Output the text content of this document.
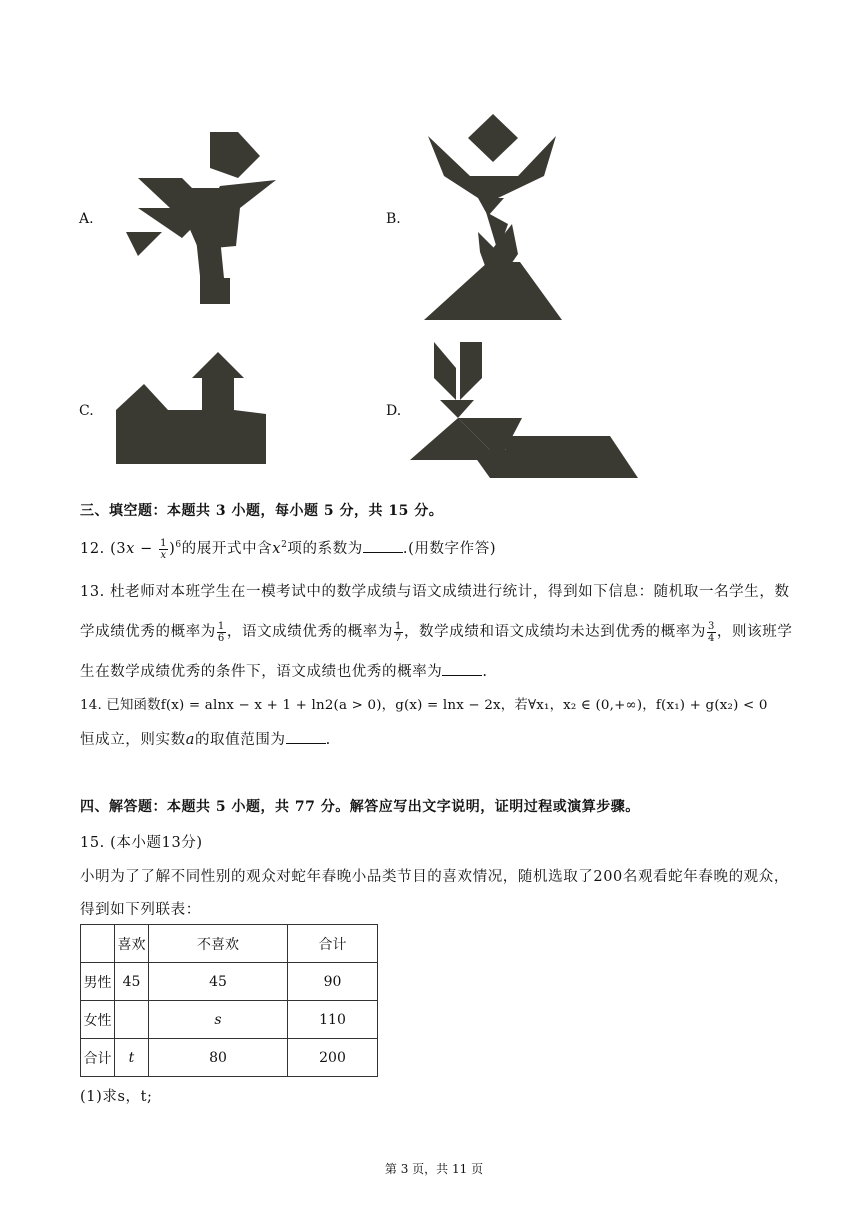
A.	B.
C.	D.
三、填空题：本题共 3 小题，每小题 5 分，共 15 分。
12. $(3x - \frac{1}{x} )^6$的展开式中含$x^2$项的系数为	.(用数字作答)
13. 杜老师对本班学生在一模考试中的数学成绩与语文成绩进行统计，得到如下信息：随机取一名学生，数
学成绩优秀的概率为 $\frac{1}{6}$ ，语文成绩优秀的概率为 $\frac{1}{7}$ ，数学成绩和语文成绩均未达到优秀的概率为 $\frac{3}{4}$ ，则该班学
生在数学成绩优秀的条件下，语文成绩也优秀的概率为	.
14. 已知函数f(x) = alnx − x + 1 + ln2(a > 0)，g(x) = lnx − 2x，若∀x₁，x₂ ∈ (0,+∞)，f(x₁) + g(x₂) < 0
恒成立，则实数a的取值范围为	.
四、解答题：本题共 5 小题，共 77 分。解答应写出文字说明，证明过程或演算步骤。
15. (本小题13分)
小明为了了解不同性别的观众对蛇年春晚小品类节目的喜欢情况，随机选取了200名观看蛇年春晚的观众，
得到如下列联表：
	喜欢	不喜欢	合计
男性	45	45	90
女性		s	110
合计	t	80	200
(1)求s，t;
第 3 页，共 11 页
